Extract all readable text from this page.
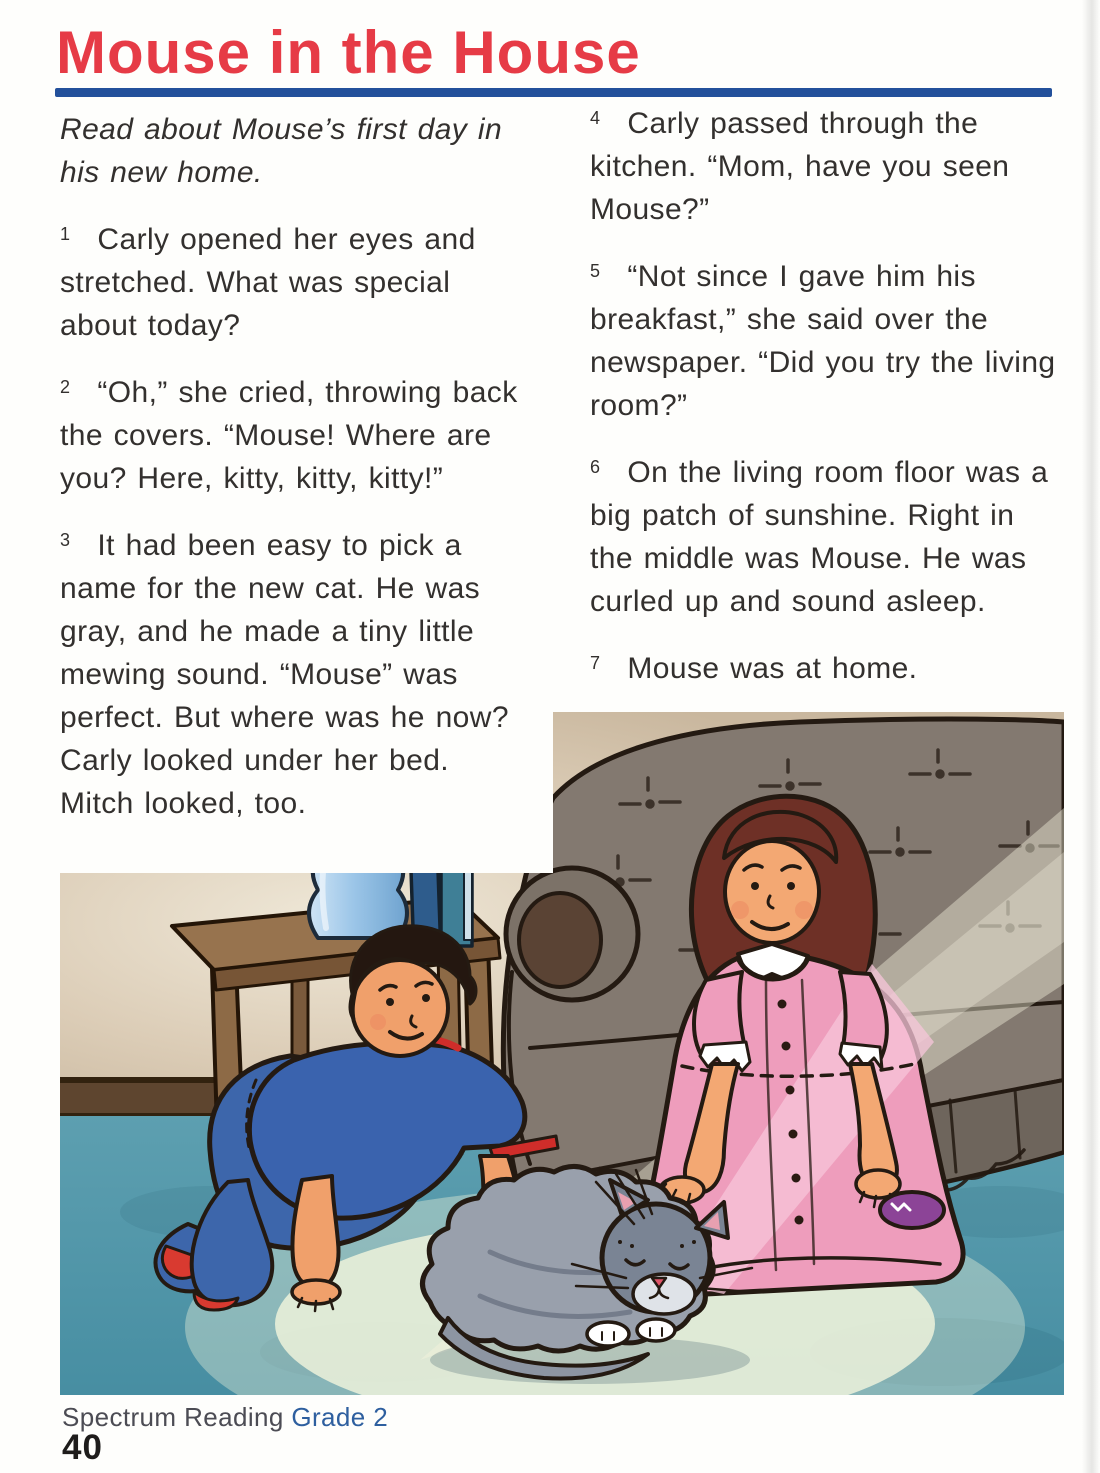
Mouse in the House

Read about Mouse’s first day in his new home.

$^1$ Carly opened her eyes and stretched. What was special about today?

$^2$ “Oh,” she cried, throwing back the covers. “Mouse! Where are you? Here, kitty, kitty, kitty!”

$^3$ It had been easy to pick a name for the new cat. He was gray, and he made a tiny little mewing sound. “Mouse” was perfect. But where was he now? Carly looked under her bed. Mitch looked, too.

$^4$ Carly passed through the kitchen. “Mom, have you seen Mouse?”

$^5$ “Not since I gave him his breakfast,” she said over the newspaper. “Did you try the living room?”

$^6$ On the living room floor was a big patch of sunshine. Right in the middle was Mouse. He was curled up and sound asleep.

$^7$ Mouse was at home.

Spectrum Reading Grade 2
40
